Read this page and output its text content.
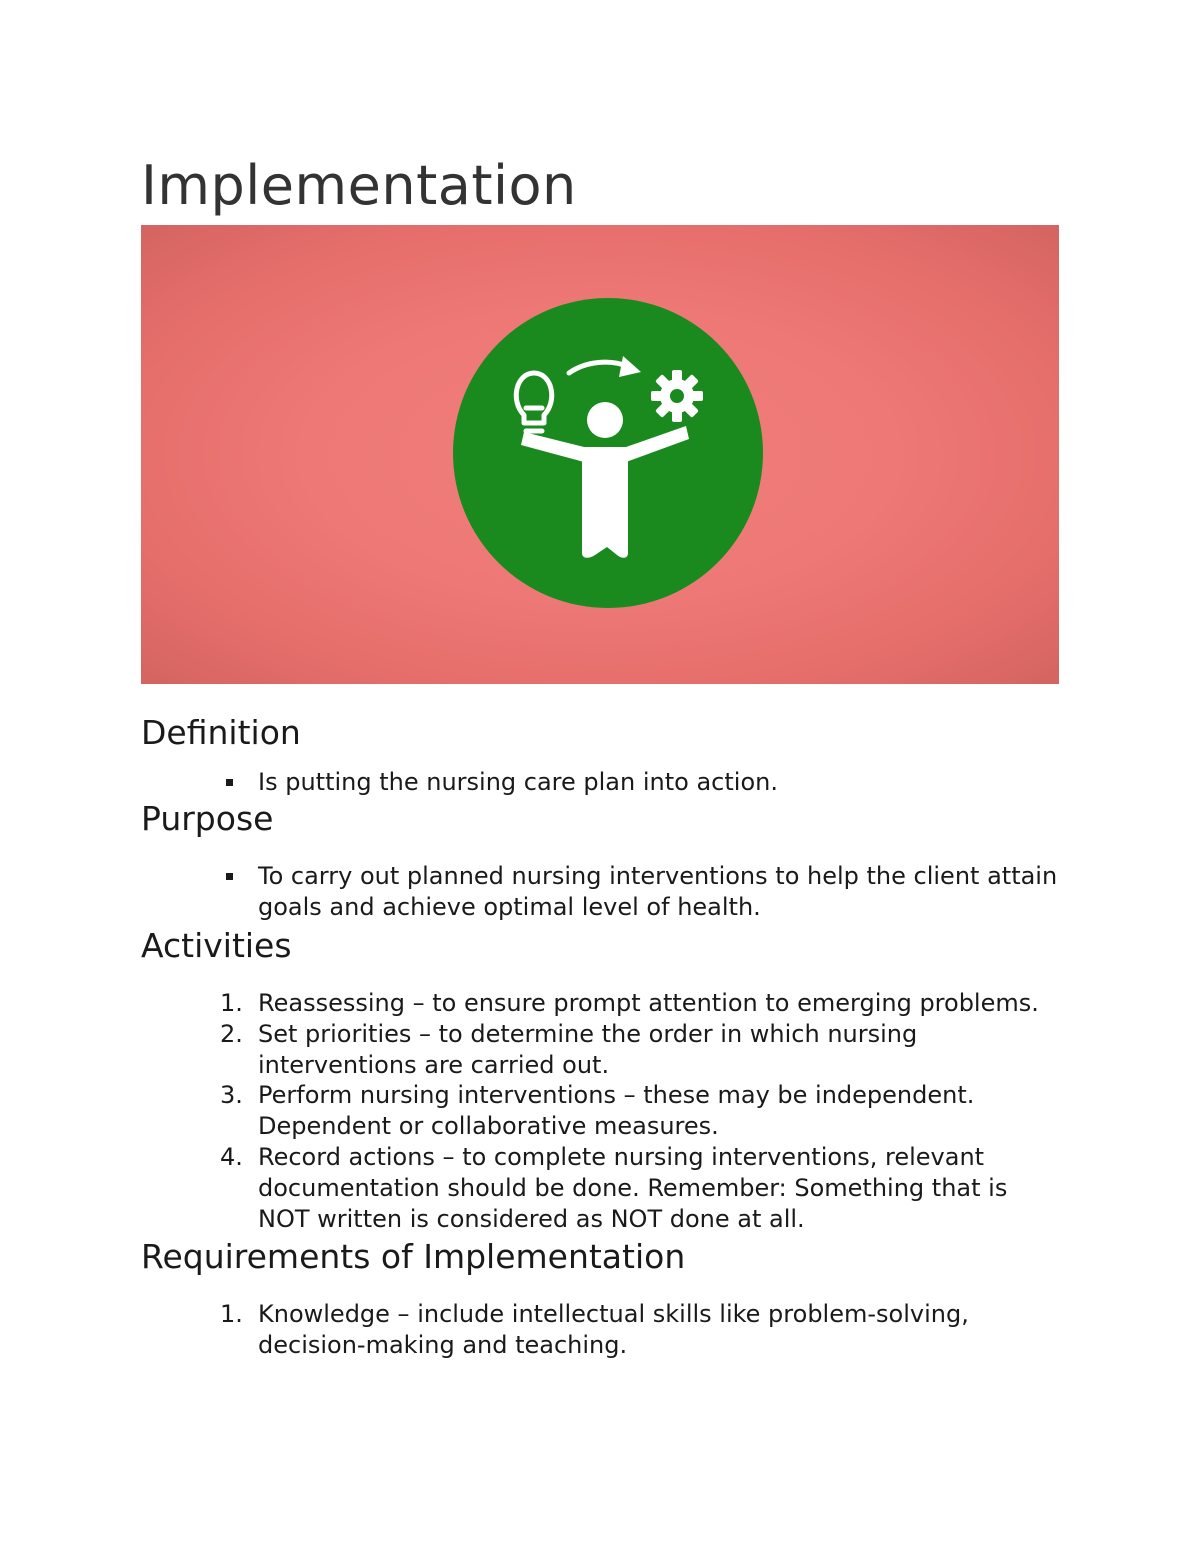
Implementation
Definition
Is putting the nursing care plan into action.
Purpose
To carry out planned nursing interventions to help the client attain goals and achieve optimal level of health.
Activities
1. Reassessing – to ensure prompt attention to emerging problems.
2. Set priorities – to determine the order in which nursing interventions are carried out.
3. Perform nursing interventions – these may be independent. Dependent or collaborative measures.
4. Record actions – to complete nursing interventions, relevant documentation should be done. Remember: Something that is NOT written is considered as NOT done at all.
Requirements of Implementation
1. Knowledge – include intellectual skills like problem-solving, decision-making and teaching.
